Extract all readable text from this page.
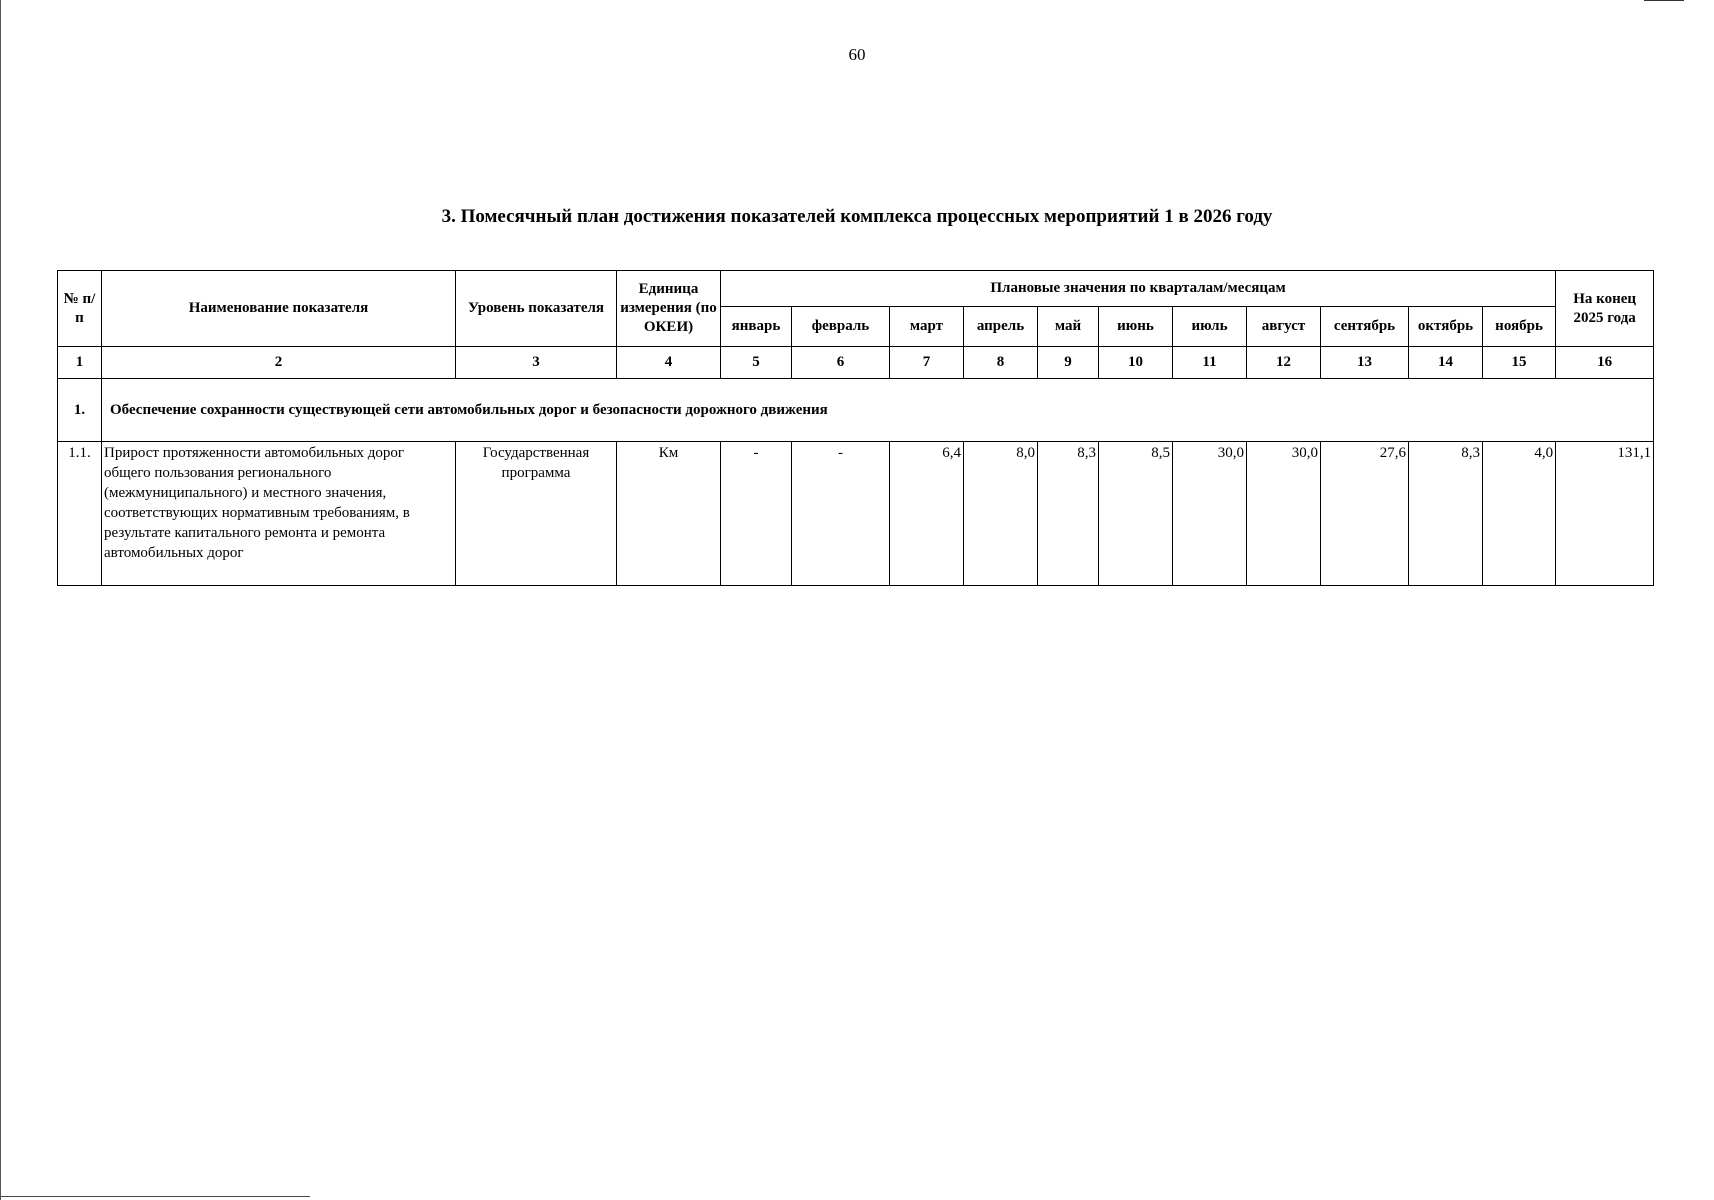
60
3. Помесячный план достижения показателей комплекса процессных мероприятий 1 в 2026 году
№ п/п	Наименование показателя	Уровень показателя	Единица измерения (по ОКЕИ)	Плановые значения по кварталам/месяцам											На конец 2025 года
				январь	февраль	март	апрель	май	июнь	июль	август	сентябрь	октябрь	ноябрь	
1	2	3	4	5	6	7	8	9	10	11	12	13	14	15	16
1.	Обеспечение сохранности существующей сети автомобильных дорог и безопасности дорожного движения														
1.1.	Прирост протяженности автомобильных дорог общего пользования регионального (межмуниципального) и местного значения, соответствующих нормативным требованиям, в результате капитального ремонта и ремонта автомобильных дорог	Государственная программа	Км	-	-	6,4	8,0	8,3	8,5	30,0	30,0	27,6	8,3	4,0	131,1
